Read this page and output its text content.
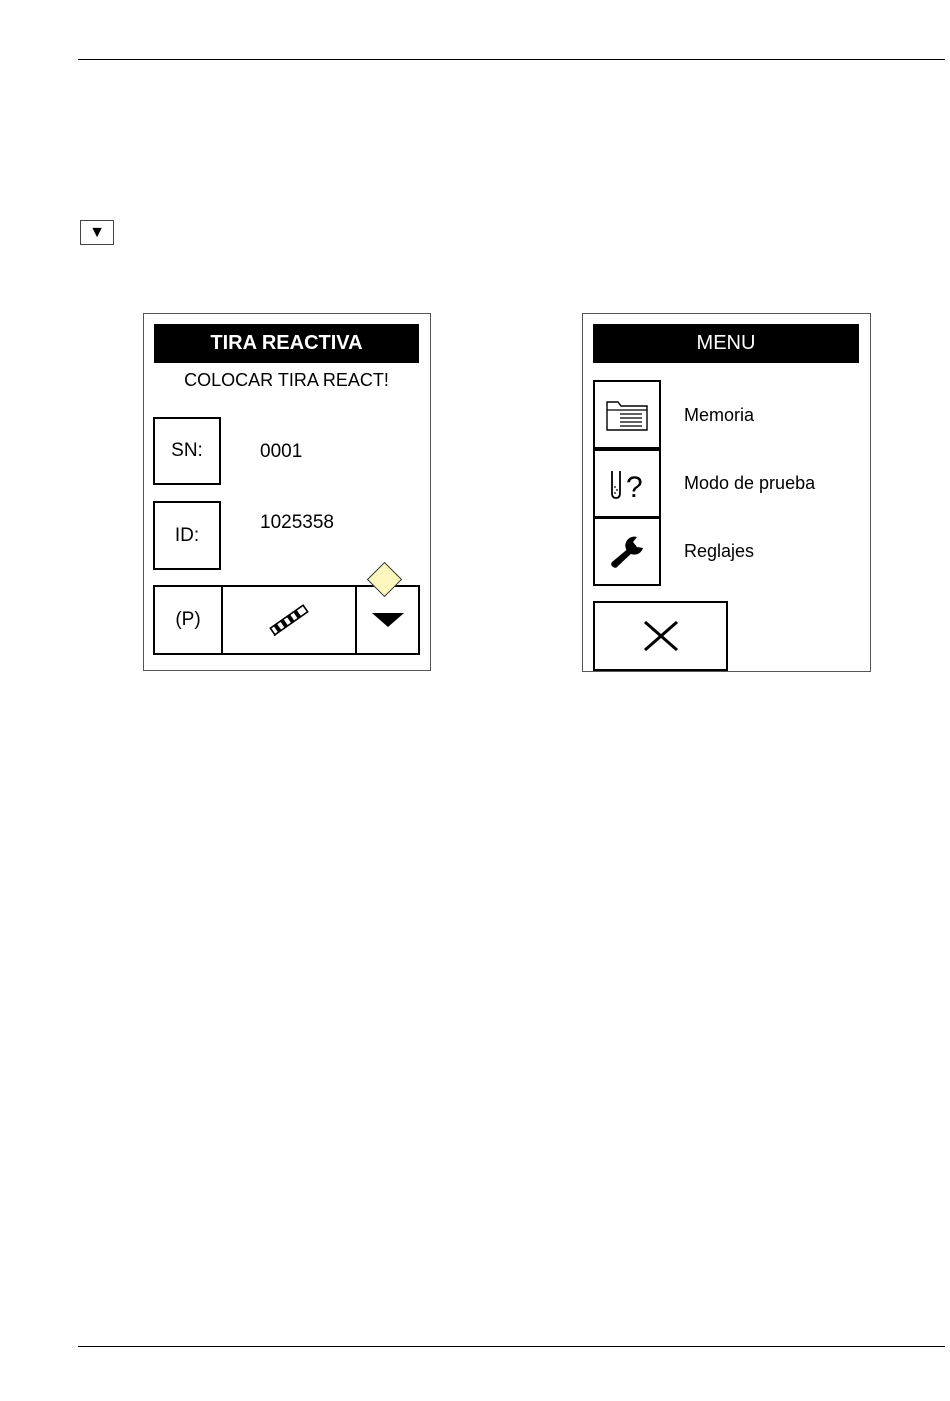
▼
TIRA REACTIVA
COLOCAR TIRA REACT!
SN:	0001
ID:
1025358
(P)
MENU
Memoria
? Modo de prueba
Reglajes
